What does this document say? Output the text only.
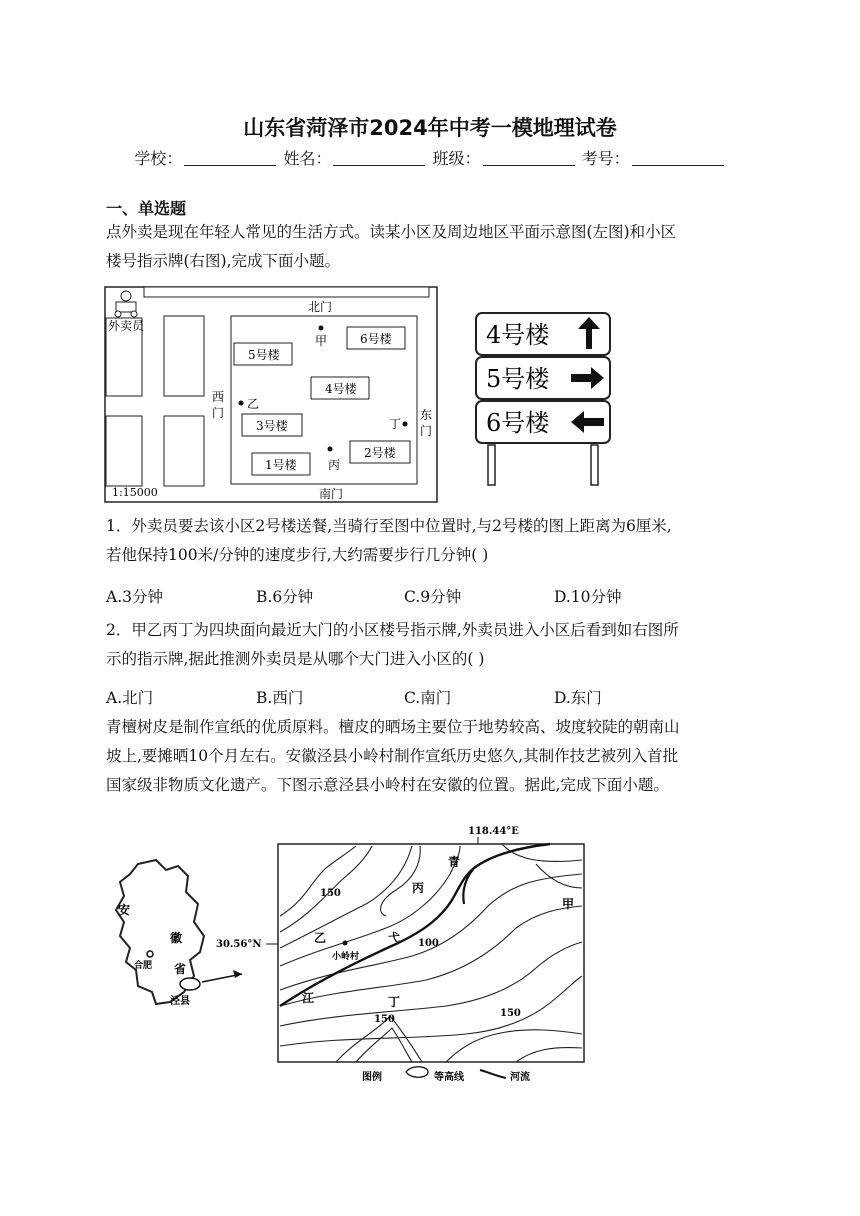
山东省菏泽市2024年中考一模地理试卷
学校：	姓名：	班级：	考号：
一、单选题
点外卖是现在年轻人常见的生活方式。读某小区及周边地区平面示意图(左图)和小区
楼号指示牌(右图),完成下面小题。
外卖员
北门
南门
西
门	东
门
5号楼
6号楼
4号楼
3号楼
2号楼
1号楼
甲
乙
丙
丁
1:15000
4号楼
5号楼
6号楼
1．外卖员要去该小区2号楼送餐,当骑行至图中位置时,与2号楼的图上距离为6厘米,
若他保持100米/分钟的速度步行,大约需要步行几分钟( )
A.3分钟	B.6分钟	C.9分钟	D.10分钟
2．甲乙丙丁为四块面向最近大门的小区楼号指示牌,外卖员进入小区后看到如右图所
示的指示牌,据此推测外卖员是从哪个大门进入小区的( )
A.北门	B.西门	C.南门	D.东门
青檀树皮是制作宣纸的优质原料。檀皮的晒场主要位于地势较高、坡度较陡的朝南山
坡上,要摊晒10个月左右。安徽泾县小岭村制作宣纸历史悠久,其制作技艺被列入首批
国家级非物质文化遗产。下图示意泾县小岭村在安徽的位置。据此,完成下面小题。
安
徽
省
合肥
泾县
118.44°E
30.56°N
青
弋
江
甲
乙
丙
丁
小岭村
150
100
150
150
图例	等高线	河流
